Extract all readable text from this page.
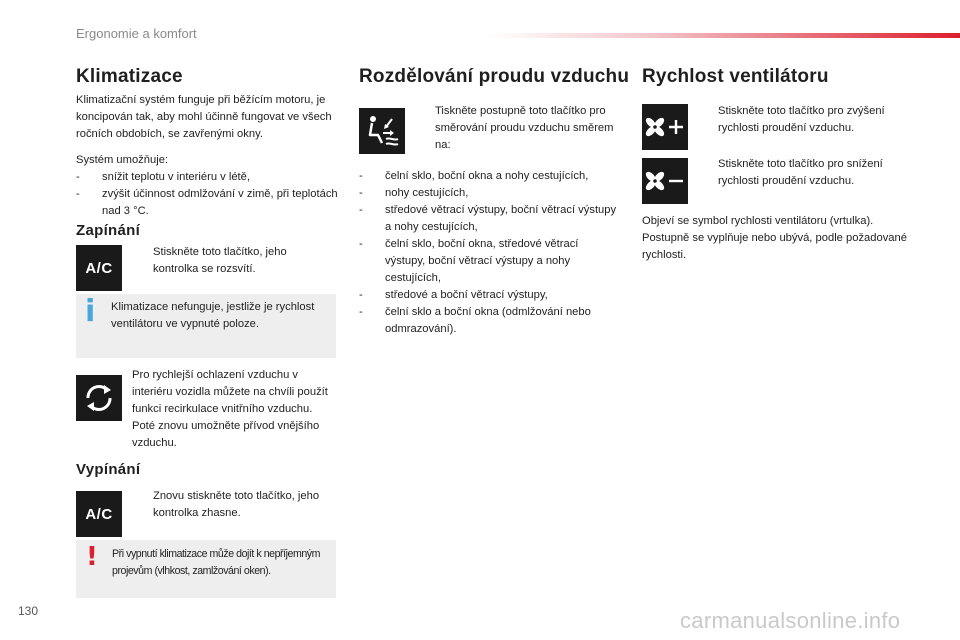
Ergonomie a komfort
Klimatizace

Klimatizační systém funguje při běžícím motoru, je koncipován tak, aby mohl účinně fungovat ve všech ročních obdobích, se zavřenými okny.

Systém umožňuje:

- snížit teplotu v interiéru v létě,
- zvýšit účinnost odmlžování v zimě, při teplotách nad 3 °C.
Zapínání
A/C
Stiskněte toto tlačítko, jeho kontrolka se rozsvítí.
i Klimatizace nefunguje, jestliže je rychlost ventilátoru ve vypnuté poloze.

Pro rychlejší ochlazení vzduchu v interiéru vozidla můžete na chvíli použít funkci recirkulace vnitřního vzduchu. Poté znovu umožněte přívod vnějšího vzduchu.

Vypínání
A/C
Znovu stiskněte toto tlačítko, jeho kontrolka zhasne.
! Při vypnutí klimatizace může dojít k nepříjemným projevům (vlhkost, zamlžování oken).

Rozdělování proudu vzduchu
Tiskněte postupně toto tlačítko pro směrování proudu vzduchu směrem na:
- čelní sklo, boční okna a nohy cestujících,
- nohy cestujících,
- středové větrací výstupy, boční větrací výstupy a nohy cestujících,
- čelní sklo, boční okna, středové větrací výstupy, boční větrací výstupy a nohy cestujících,
- středové a boční větrací výstupy,
- čelní sklo a boční okna (odmlžování nebo odmrazování).
Rychlost ventilátoru
Stiskněte toto tlačítko pro zvýšení rychlosti proudění vzduchu.
Stiskněte toto tlačítko pro snížení rychlosti proudění vzduchu.

Objeví se symbol rychlosti ventilátoru (vrtulka). Postupně se vyplňuje nebo ubývá, podle požadované rychlosti.

130	carmanualsonline.info
